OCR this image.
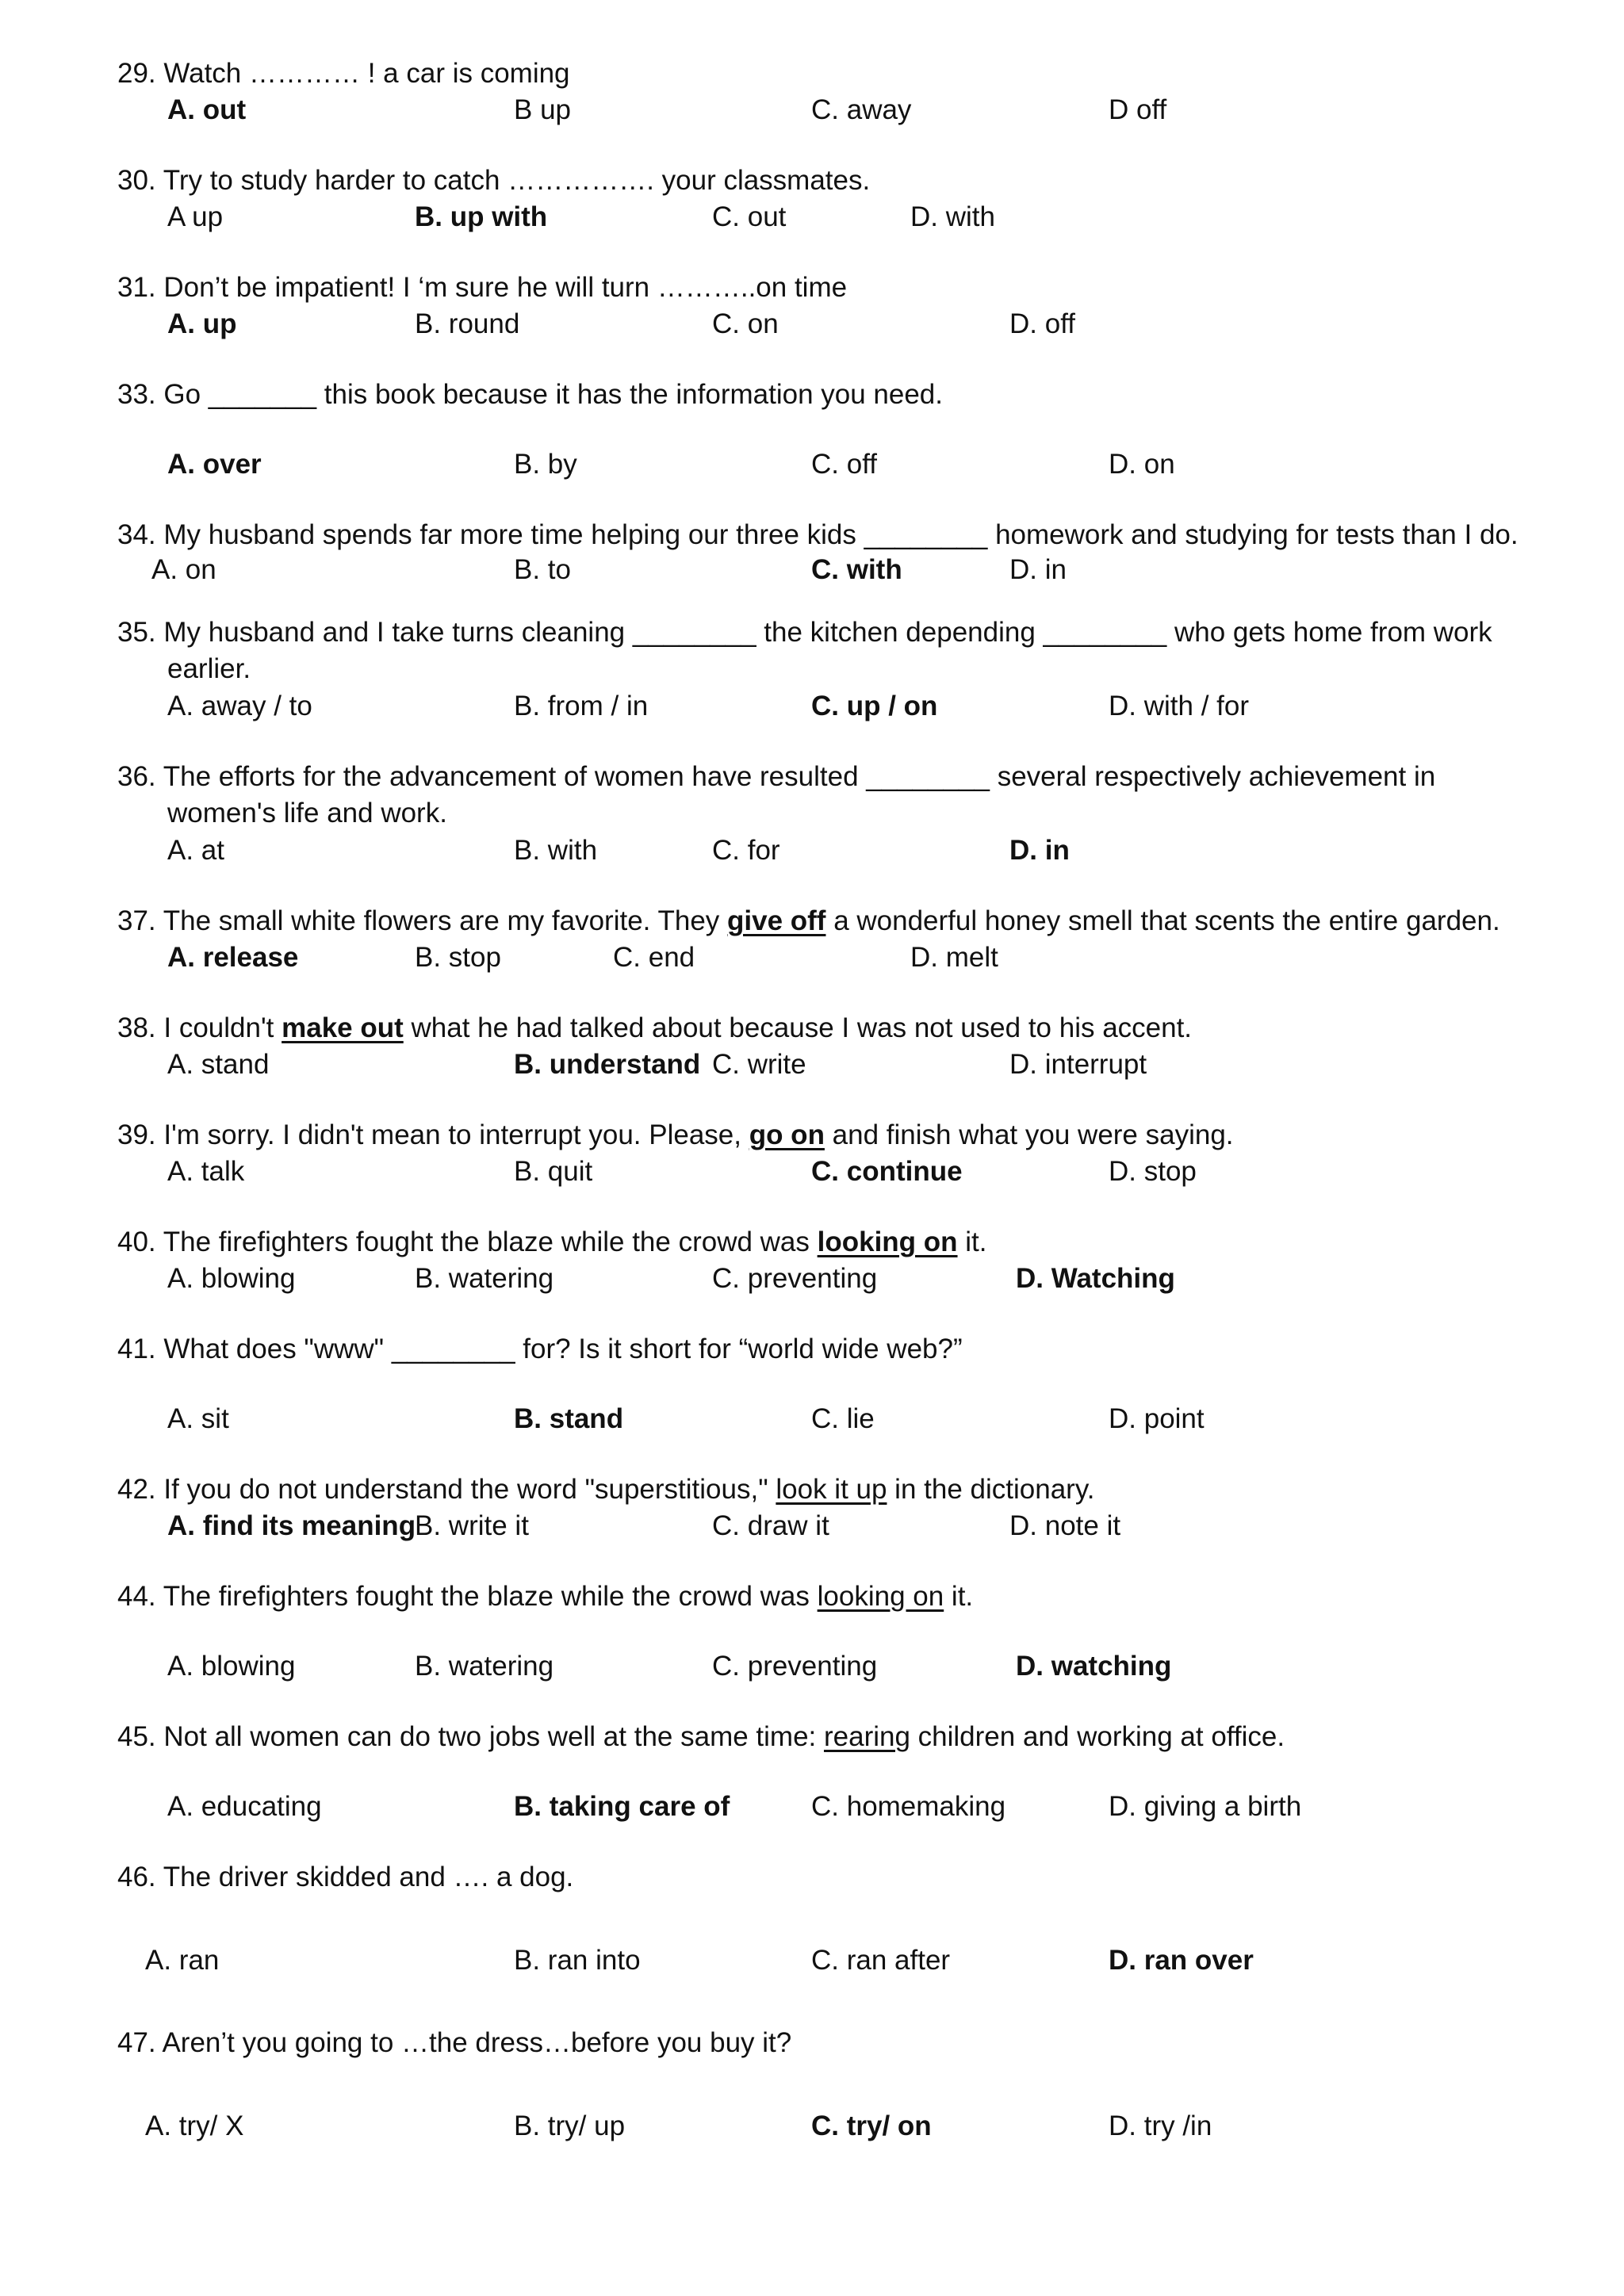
29. Watch ………… ! a car is coming
A. out	B up	C. away	D off
30. Try to study harder to catch ……………. your classmates.
A up	B. up with	C. out	D. with
31. Don’t be impatient! I ‘m sure he will turn ………..on time
A. up	B. round	C. on	D. off
33. Go _______ this book because it has the information you need.
A. over	B. by	C. off	D. on
34. My husband spends far more time helping our three kids ________ homework and studying for tests than I do.
A. on	B. to	C. with	D. in
35. My husband and I take turns cleaning ________ the kitchen depending ________ who gets home from work
earlier.
A. away / to	B. from / in	C. up / on	D. with / for
36. The efforts for the advancement of women have resulted ________ several respectively achievement in
women's life and work.
A. at	B. with	C. for	D. in
37. The small white flowers are my favorite. They give off a wonderful honey smell that scents the entire garden.
A. release	B. stop	C. end	D. melt
38. I couldn't make out what he had talked about because I was not used to his accent.
A. stand	B. understand C. write	D. interrupt
39. I'm sorry. I didn't mean to interrupt you. Please, go on and finish what you were saying.
A. talk	B. quit	C. continue	D. stop
40. The firefighters fought the blaze while the crowd was looking on it.
A. blowing	B. watering	C. preventing	D. Watching
41. What does "www" ________ for? Is it short for “world wide web?”
A. sit	B. stand	C. lie	D. point
42. If you do not understand the word "superstitious," look it up in the dictionary.
A. find its meaning
B. write it	C. draw it	D. note it
44. The firefighters fought the blaze while the crowd was looking on it.
A. blowing	B. watering	C. preventing	D. watching
45. Not all women can do two jobs well at the same time: rearing children and working at office.
A. educating	B. taking care of	C. homemaking	D. giving a birth
46. The driver skidded and …. a dog.
A. ran	B. ran into	C. ran after	D. ran over
47. Aren’t you going to …the dress…before you buy it?
A. try/ X	B. try/ up	C. try/ on	D. try /in
